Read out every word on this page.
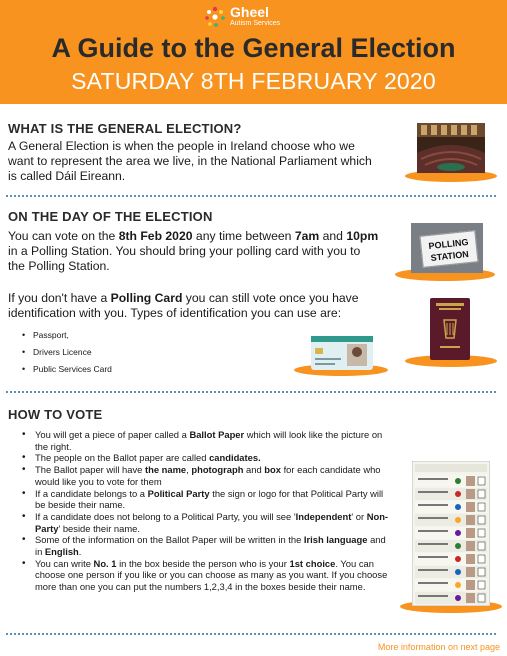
Gheel
Autism Services
A Guide to the General Election
SATURDAY 8TH FEBRUARY 2020
WHAT IS THE GENERAL ELECTION?
A General Election is when the people in Ireland choose who we
want to represent the area we live, in the National Parliament which
is called Dáil Eireann.
ON THE DAY OF THE ELECTION
You can vote on the 8th Feb 2020 any time between 7am and 10pm
in a Polling Station. You should bring your polling card with you to
the Polling Station.
If you don't have a Polling Card you can still vote once you have
identification with you. Types of identification you can use are:
• Passport,
• Drivers Licence
• Public Services Card
POLLING
STATION
HOW TO VOTE
• You will get a piece of paper called a Ballot Paper which will look like the picture on the right.
• The people on the Ballot paper are called candidates.
• The Ballot paper will have the name, photograph and box for each candidate who would like you to vote for them
• If a candidate belongs to a Political Party the sign or logo for that Political Party will be beside their name.
• If a candidate does not belong to a Political Party, you will see 'Independent' or Non-Party' beside their name.
• Some of the information on the Ballot Paper will be written in the Irish language and in English.
• You can write No. 1 in the box beside the person who is your 1st choice. You can choose one person if you like or you can choose as many as you want. If you choose more than one you can put the numbers 1,2,3,4 in the boxes beside their name.
More information on next page
